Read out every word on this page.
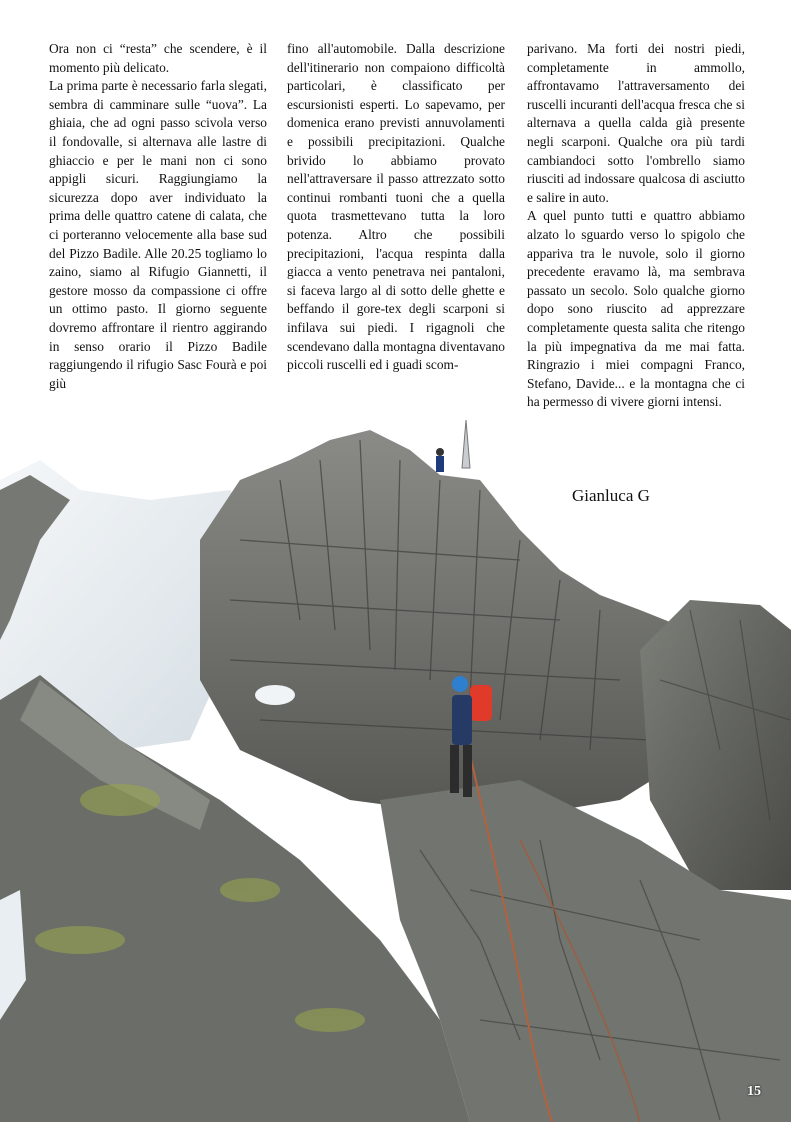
Ora non ci “resta” che scendere, è il momento più delicato.

La prima parte è necessario farla slegati, sembra di camminare sulle “uova”. La ghiaia, che ad ogni passo scivola verso il fondovalle, si alternava alle lastre di ghiaccio e per le mani non ci sono appigli sicuri. Raggiungiamo la sicurezza dopo aver individuato la prima delle quattro catene di calata, che ci porteranno velocemente alla base sud del Pizzo Badile. Alle 20.25 togliamo lo zaino, siamo al Rifugio Giannetti, il gestore mosso da compassione ci offre un ottimo pasto. Il giorno seguente dovremo affrontare il rientro aggirando in senso orario il Pizzo Badile raggiungendo il rifugio Sasc Fourà e poi giù

fino all'automobile. Dalla descrizione dell'itinerario non compaiono difficoltà particolari, è classificato per escursionisti esperti. Lo sapevamo, per domenica erano previsti annuvolamenti e possibili precipitazioni. Qualche brivido lo abbiamo provato nell'attraversare il passo attrezzato sotto continui rombanti tuoni che a quella quota trasmettevano tutta la loro potenza. Altro che possibili precipitazioni, l'acqua respinta dalla giacca a vento penetrava nei pantaloni, si faceva largo al di sotto delle ghette e beffando il gore-tex degli scarponi si infilava sui piedi. I rigagnoli che scendevano dalla montagna diventavano piccoli ruscelli ed i guadi scom-

parivano. Ma forti dei nostri piedi, completamente in ammollo, affrontavamo l'attraversamento dei ruscelli incuranti dell'acqua fresca che si alternava a quella calda già presente negli scarponi. Qualche ora più tardi cambiandoci sotto l'ombrello siamo riusciti ad indossare qualcosa di asciutto e salire in auto.

A quel punto tutti e quattro abbiamo alzato lo sguardo verso lo spigolo che appariva tra le nuvole, solo il giorno precedente eravamo là, ma sembrava passato un secolo. Solo qualche giorno dopo sono riuscito ad apprezzare completamente questa salita che ritengo la più impegnativa da me mai fatta. Ringrazio i miei compagni Franco, Stefano, Davide... e la montagna che ci ha permesso di vivere giorni intensi.

Gianluca G
15
